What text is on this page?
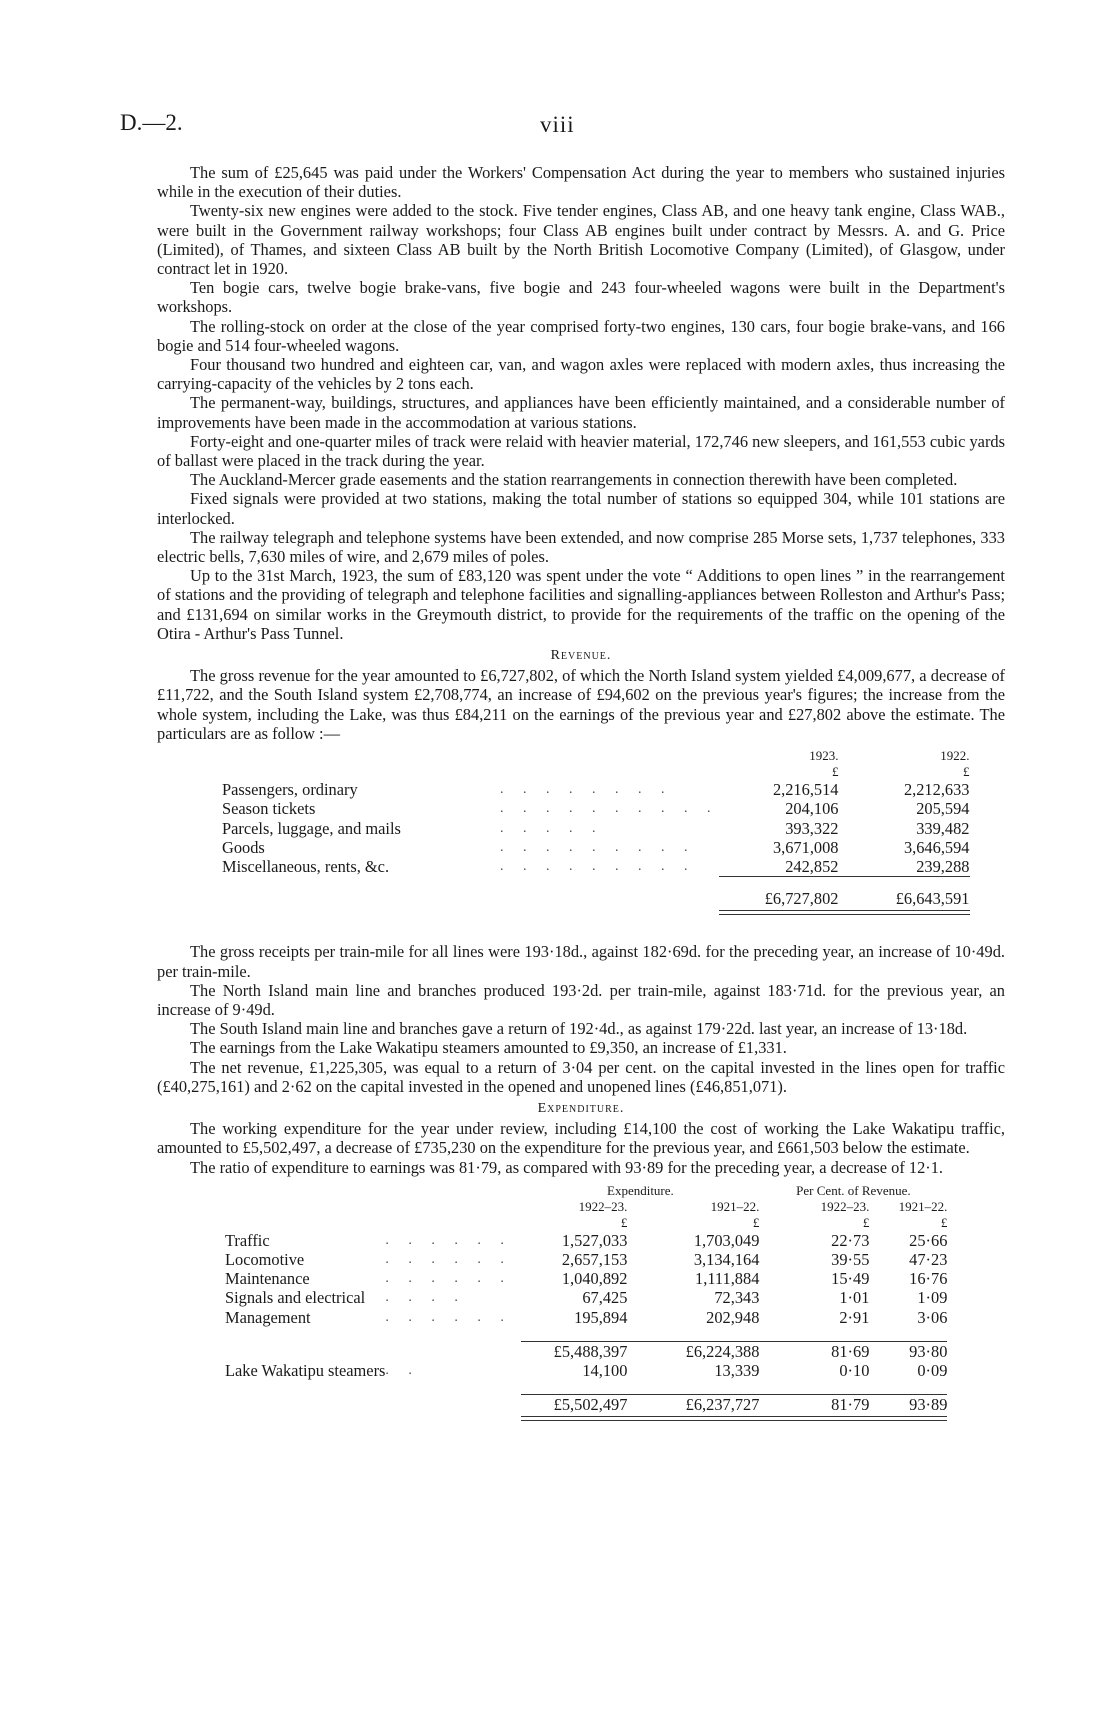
D.—2.	viii

The sum of £25,645 was paid under the Workers' Compensation Act during the year to members who sustained injuries while in the execution of their duties.

Twenty-six new engines were added to the stock. Five tender engines, Class AB, and one heavy tank engine, Class WAB., were built in the Government railway workshops; four Class AB engines built under contract by Messrs. A. and G. Price (Limited), of Thames, and sixteen Class AB built by the North British Locomotive Company (Limited), of Glasgow, under contract let in 1920.

Ten bogie cars, twelve bogie brake-vans, five bogie and 243 four-wheeled wagons were built in the Department's workshops.

The rolling-stock on order at the close of the year comprised forty-two engines, 130 cars, four bogie brake-vans, and 166 bogie and 514 four-wheeled wagons.

Four thousand two hundred and eighteen car, van, and wagon axles were replaced with modern axles, thus increasing the carrying-capacity of the vehicles by 2 tons each.

The permanent-way, buildings, structures, and appliances have been efficiently maintained, and a considerable number of improvements have been made in the accommodation at various stations.

Forty-eight and one-quarter miles of track were relaid with heavier material, 172,746 new sleepers, and 161,553 cubic yards of ballast were placed in the track during the year.

The Auckland-Mercer grade easements and the station rearrangements in connection therewith have been completed.

Fixed signals were provided at two stations, making the total number of stations so equipped 304, while 101 stations are interlocked.

The railway telegraph and telephone systems have been extended, and now comprise 285 Morse sets, 1,737 telephones, 333 electric bells, 7,630 miles of wire, and 2,679 miles of poles.

Up to the 31st March, 1923, the sum of £83,120 was spent under the vote “ Additions to open lines ” in the rearrangement of stations and the providing of telegraph and telephone facilities and signalling-appliances between Rolleston and Arthur's Pass; and £131,694 on similar works in the Greymouth district, to provide for the requirements of the traffic on the opening of the Otira - Arthur's Pass Tunnel.

Revenue.

The gross revenue for the year amounted to £6,727,802, of which the North Island system yielded £4,009,677, a decrease of £11,722, and the South Island system £2,708,774, an increase of £94,602 on the previous year's figures; the increase from the whole system, including the Lake, was thus £84,211 on the earnings of the previous year and £27,802 above the estimate. The particulars are as follow :—

		1923.	1922.
		£	£
Passengers, ordinary	. . . . . . . .	2,216,514	2,212,633
Season tickets	. . . . . . . . . .	204,106	205,594
Parcels, luggage, and mails	. . . . .	393,322	339,482
Goods	. . . . . . . . .	3,671,008	3,646,594
Miscellaneous, rents, &c.	. . . . . . . . .	242,852	239,288
		£6,727,802	£6,643,591

The gross receipts per train-mile for all lines were 193·18d., against 182·69d. for the preceding year, an increase of 10·49d. per train-mile.

The North Island main line and branches produced 193·2d. per train-mile, against 183·71d. for the previous year, an increase of 9·49d.

The South Island main line and branches gave a return of 192·4d., as against 179·22d. last year, an increase of 13·18d.

The earnings from the Lake Wakatipu steamers amounted to £9,350, an increase of £1,331.

The net revenue, £1,225,305, was equal to a return of 3·04 per cent. on the capital invested in the lines open for traffic (£40,275,161) and 2·62 on the capital invested in the opened and unopened lines (£46,851,071).

Expenditure.

The working expenditure for the year under review, including £14,100 the cost of working the Lake Wakatipu traffic, amounted to £5,502,497, a decrease of £735,230 on the expenditure for the previous year, and £661,503 below the estimate.

The ratio of expenditure to earnings was 81·79, as compared with 93·89 for the preceding year, a decrease of 12·1.

		Expenditure.		Per Cent. of Revenue.	
		1922–23.	1921–22.	1922–23.	1921–22.
		£	£	£	£
Traffic	. . . . . .	1,527,033	1,703,049	22·73	25·66
Locomotive	. . . . . .	2,657,153	3,134,164	39·55	47·23
Maintenance	. . . . . .	1,040,892	1,111,884	15·49	16·76
Signals and electrical	. . . .	67,425	72,343	1·01	1·09
Management	. . . . . .	195,894	202,948	2·91	3·06

		£5,488,397	£6,224,388	81·69	93·80
Lake Wakatipu steamers	. .	14,100	13,339	0·10	0·09

		£5,502,497	£6,237,727	81·79	93·89
